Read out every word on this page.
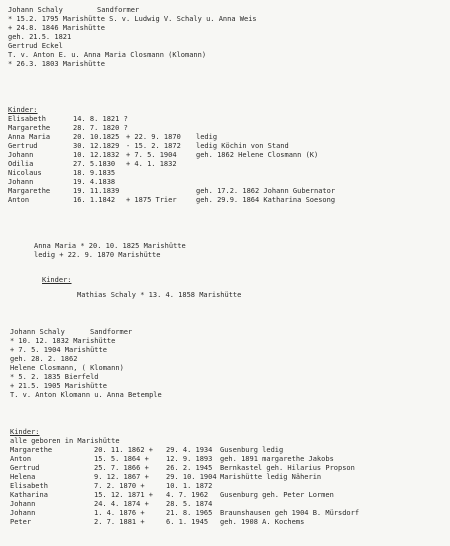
Johann Schaly	Sandformer
* 15.2. 1795 Marishütte S. v. Ludwig V. Schaly u. Anna Weis
+ 24.8. 1846 Marishütte
geh. 21.5. 1821
Gertrud Eckel
T. v. Anton E. u. Anna Maria Closmann (Klomann)
* 26.3. 1803 Marishütte
Kinder:
Elisabeth	14. 8. 1821 ?
Margarethe	28. 7. 1820 ?
Anna Maria	20. 10.1825 + 22. 9. 1870 ledig
Gertrud	30. 12.1829 - 15. 2. 1872 ledig Köchin von Stand
Johann	10. 12.1832 + 7. 5. 1904	geh. 1862 Helene Closmann (K)
Odilia	27. 5.1830 + 4. 1. 1832
Nicolaus	18. 9.1835
Johann	19. 4.1838
Margarethe	19. 11.1839	geh. 17.2. 1862 Johann Gubernator
Anton	16. 1.1842 + 1875 Trier	geh. 29.9. 1864 Katharina Soesong
Anna Maria * 20. 10. 1825 Marishütte
ledig + 22. 9. 1870 Marishütte
Kinder:
Mathias Schaly * 13. 4. 1858 Marishütte
Johann Schaly	Sandformer
* 10. 12. 1832 Marishütte
+ 7. 5. 1904 Marishütte
geh. 28. 2. 1862
Helene Closmann, ( Klomann)
* 5. 2. 1835 Bierfeld
+ 21.5. 1905 Marishütte
T. v. Anton Klomann u. Anna Betemple
Kinder:
alle geboren in Marishütte
Margarethe	20. 11. 1862 + 29. 4. 1934 Gusenburg ledig
Anton	15. 5. 1864 + 12. 9. 1893 geh. 1891 margarethe Jakobs
Gertrud	25. 7. 1866 + 26. 2. 1945 Bernkastel geh. Hilarius Propson
Helena	9. 12. 1867 + 29. 10. 1904 Marishütte ledig Näherin
Elisabeth	7. 2. 1870 +	10. 1. 1872
Katharina	15. 12. 1871 + 4. 7. 1962 Gusenburg geh. Peter Lormen
Johann	24. 4. 1874 + 28. 5. 1874
Johann	1. 4. 1876 +	21. 8. 1965 Braunshausen geh 1904 B. Mürsdorf
Peter	2. 7. 1881 +	6. 1. 1945 geh. 1908 A. Kochems
